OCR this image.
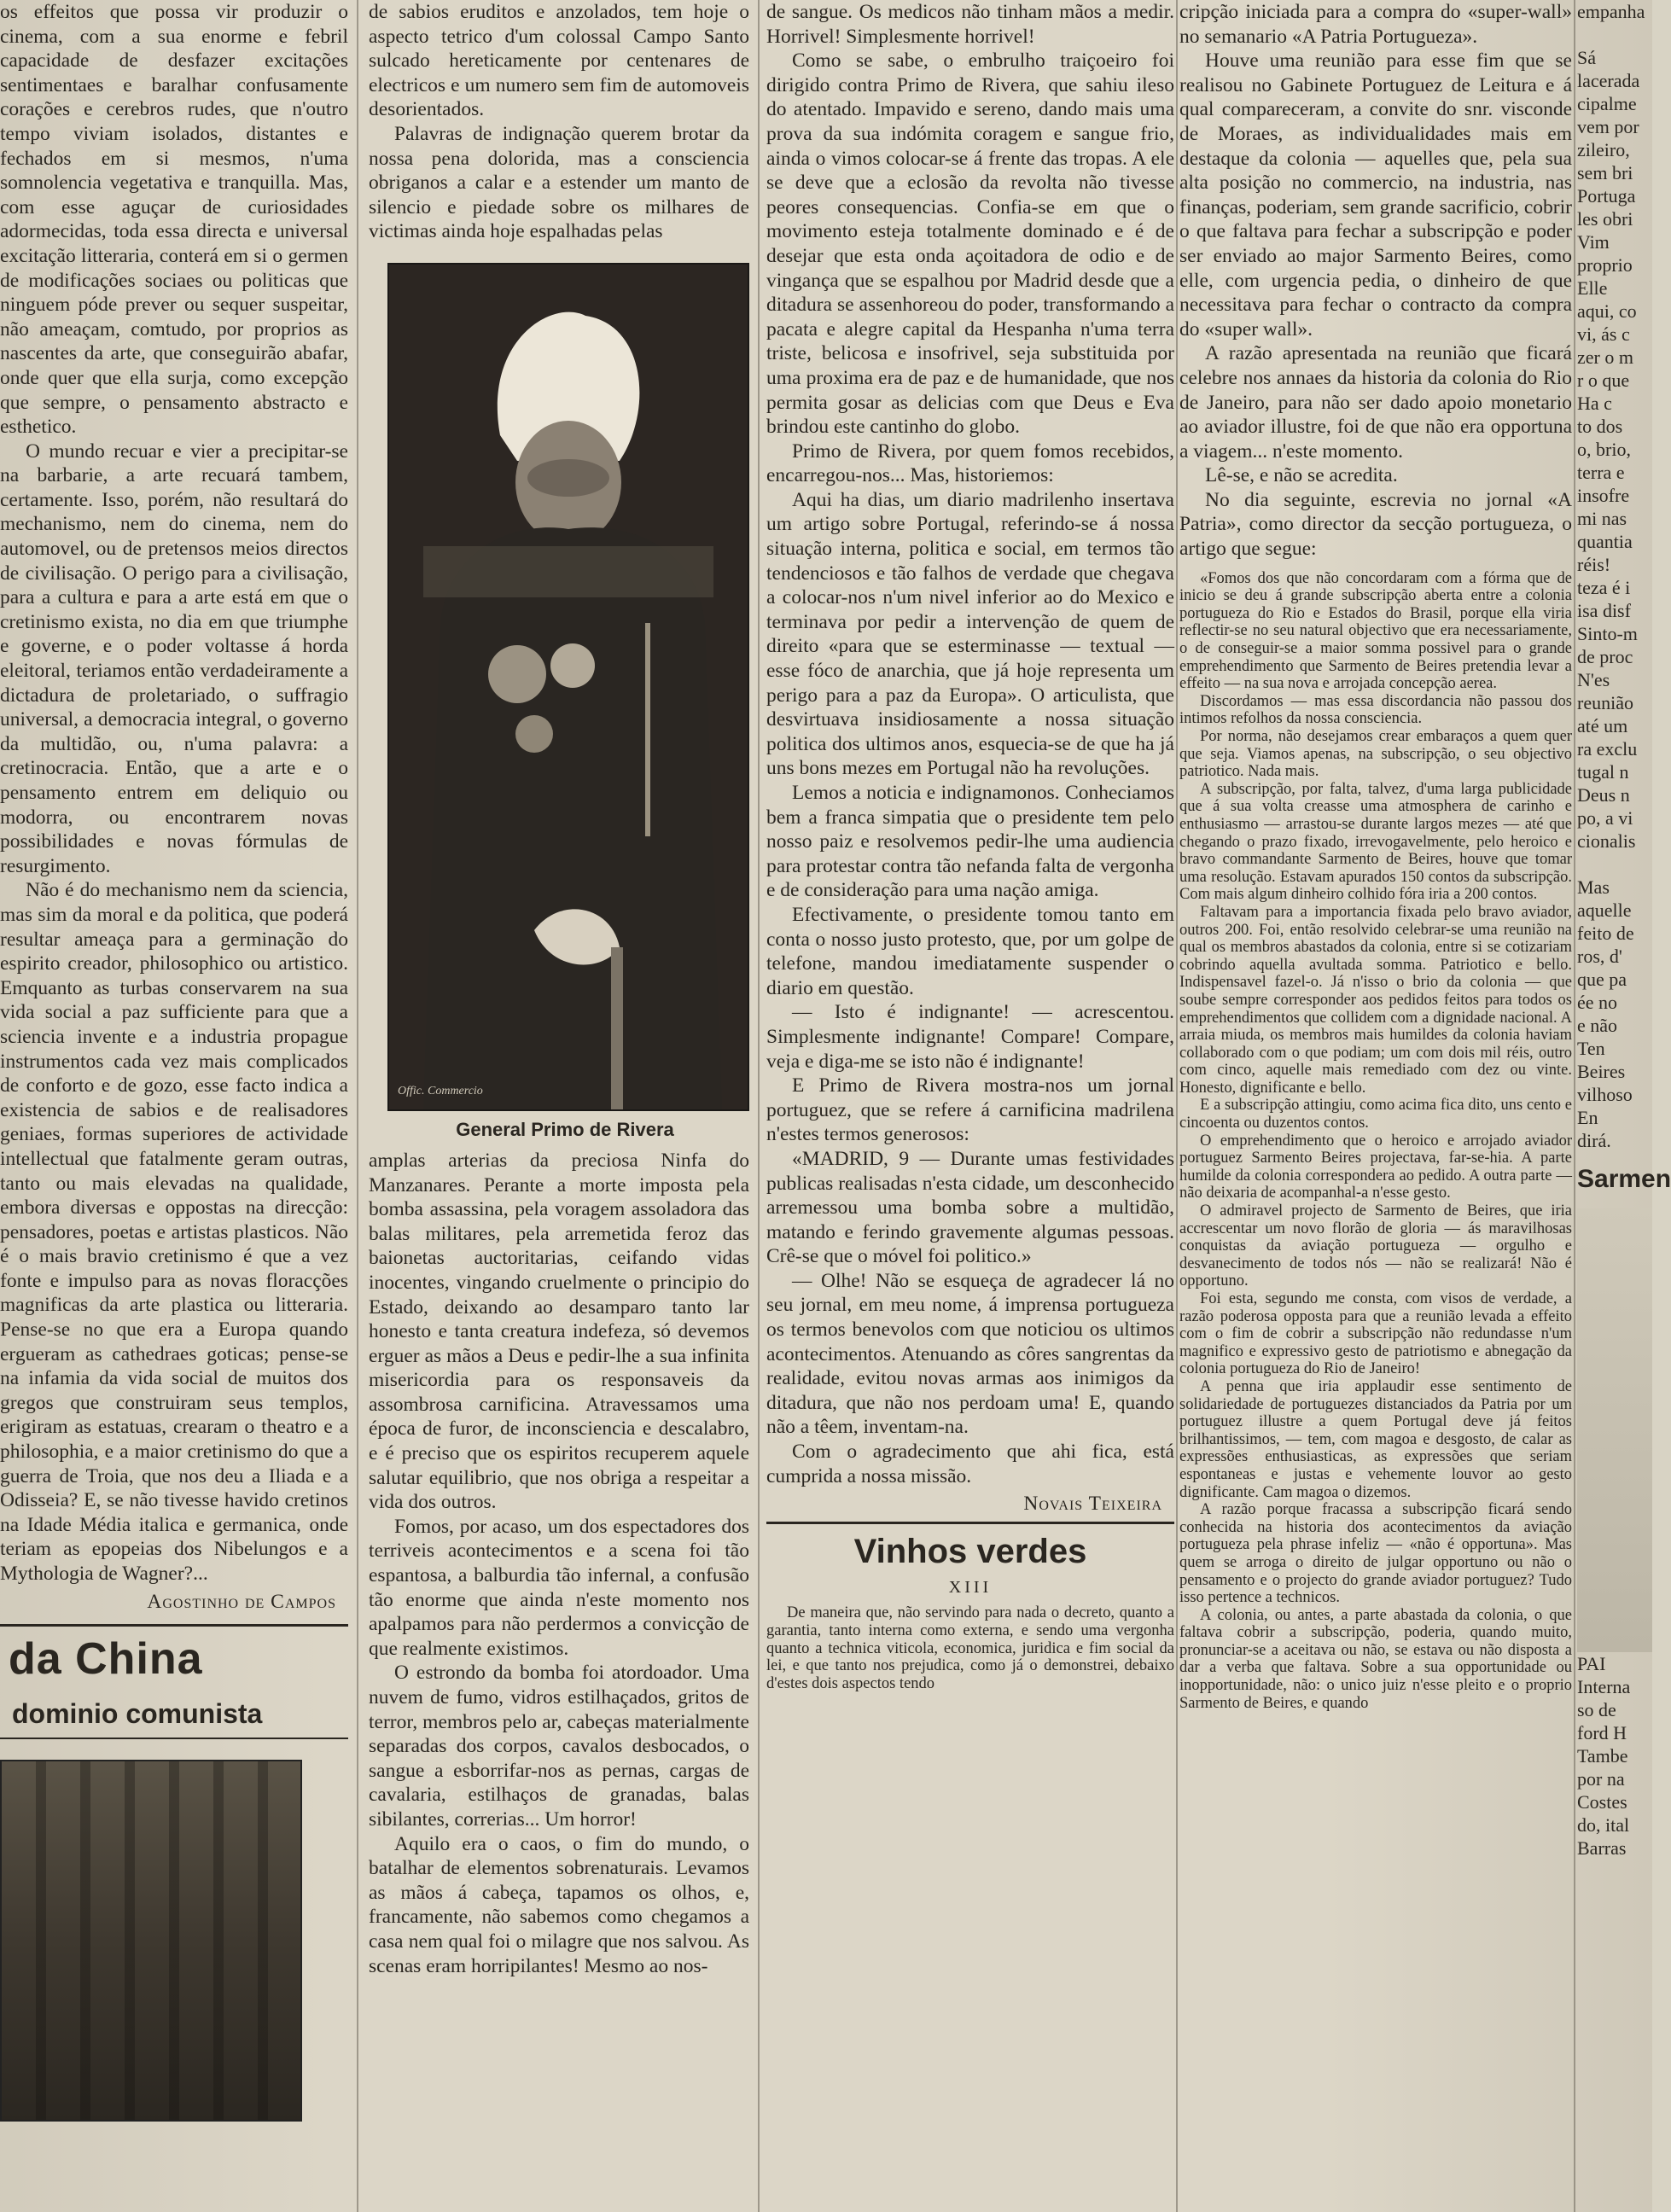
os effeitos que possa vir produzir o cinema, com a sua enorme e febril capacidade de desfazer excitações sentimentaes e baralhar confusamente corações e cerebros rudes, que n'outro tempo viviam isolados, distantes e fechados em si mesmos, n'uma somnolencia vegetativa e tranquilla. Mas, com esse aguçar de curiosidades adormecidas, toda essa directa e universal excitação litteraria, conterá em si o germen de modificações sociaes ou politicas que ninguem póde prever ou sequer suspeitar, não ameaçam, comtudo, por proprios as nascentes da arte, que conseguirão abafar, onde quer que ella surja, como excepção que sempre, o pensamento abstracto e esthetico.

O mundo recuar e vier a precipitar-se na barbarie, a arte recuará tambem, certamente. Isso, porém, não resultará do mechanismo, nem do cinema, nem do automovel, ou de pretensos meios directos de civilisação. O perigo para a civilisação, para a cultura e para a arte está em que o cretinismo exista, no dia em que triumphe e governe, e o poder voltasse á horda eleitoral, teriamos então verdadeiramente a dictadura de proletariado, o suffragio universal, a democracia integral, o governo da multidão, ou, n'uma palavra: a cretinocracia. Então, que a arte e o pensamento entrem em deliquio ou modorra, ou encontrarem novas possibilidades e novas fórmulas de resurgimento.

Não é do mechanismo nem da sciencia, mas sim da moral e da politica, que poderá resultar ameaça para a germinação do espirito creador, philosophico ou artistico. Emquanto as turbas conservarem na sua vida social a paz sufficiente para que a sciencia invente e a industria propague instrumentos cada vez mais complicados de conforto e de gozo, esse facto indica a existencia de sabios e de realisadores geniaes, formas superiores de actividade intellectual que fatalmente geram outras, tanto ou mais elevadas na qualidade, embora diversas e oppostas na direcção: pensadores, poetas e artistas plasticos. Não é o mais bravio cretinismo é que a vez fonte e impulso para as novas floracções magnificas da arte plastica ou litteraria. Pense-se no que era a Europa quando ergueram as cathedraes goticas; pense-se na infamia da vida social de muitos dos gregos que construiram seus templos, erigiram as estatuas, crearam o theatro e a philosophia, e a maior cretinismo do que a guerra de Troia, que nos deu a Iliada e a Odisseia? E, se não tivesse havido cretinos na Idade Média italica e germanica, onde teriam as epopeias dos Nibelungos e a Mythologia de Wagner?...

Agostinho de Campos
da China
dominio comunista

de sabios eruditos e anzolados, tem hoje o aspecto tetrico d'um colossal Campo Santo sulcado hereticamente por centenares de electricos e um numero sem fim de automoveis desorientados.

Palavras de indignação querem brotar da nossa pena dolorida, mas a consciencia obriganos a calar e a estender um manto de silencio e piedade sobre os milhares de victimas ainda hoje espalhadas pelas

Offic. Commercio
General Primo de Rivera

amplas arterias da preciosa Ninfa do Manzanares. Perante a morte imposta pela bomba assassina, pela voragem assoladora das balas militares, pela arremetida feroz das baionetas auctoritarias, ceifando vidas inocentes, vingando cruelmente o principio do Estado, deixando ao desamparo tanto lar honesto e tanta creatura indefeza, só devemos erguer as mãos a Deus e pedir-lhe a sua infinita misericordia para os responsaveis da assombrosa carnificina. Atravessamos uma época de furor, de inconsciencia e descalabro, e é preciso que os espiritos recuperem aquele salutar equilibrio, que nos obriga a respeitar a vida dos outros.

Fomos, por acaso, um dos espectadores dos terriveis acontecimentos e a scena foi tão espantosa, a balburdia tão infernal, a confusão tão enorme que ainda n'este momento nos apalpamos para não perdermos a convicção de que realmente existimos.

O estrondo da bomba foi atordoador. Uma nuvem de fumo, vidros estilhaçados, gritos de terror, membros pelo ar, cabeças materialmente separadas dos corpos, cavalos desbocados, o sangue a esborrifar-nos as pernas, cargas de cavalaria, estilhaços de granadas, balas sibilantes, correrias... Um horror!

Aquilo era o caos, o fim do mundo, o batalhar de elementos sobrenaturais. Levamos as mãos á cabeça, tapamos os olhos, e, francamente, não sabemos como chegamos a casa nem qual foi o milagre que nos salvou. As scenas eram horripilantes! Mesmo ao nos-

de sangue. Os medicos não tinham mãos a medir. Horrivel! Simplesmente horrivel!

Como se sabe, o embrulho traiçoeiro foi dirigido contra Primo de Rivera, que sahiu ileso do atentado. Impavido e sereno, dando mais uma prova da sua indómita coragem e sangue frio, ainda o vimos colocar-se á frente das tropas. A ele se deve que a eclosão da revolta não tivesse peores consequencias. Confia-se em que o movimento esteja totalmente dominado e é de desejar que esta onda açoitadora de odio e de vingança que se espalhou por Madrid desde que a ditadura se assenhoreou do poder, transformando a pacata e alegre capital da Hespanha n'uma terra triste, belicosa e insofrivel, seja substituida por uma proxima era de paz e de humanidade, que nos permita gosar as delicias com que Deus e Eva brindou este cantinho do globo.

Primo de Rivera, por quem fomos recebidos, encarregou-nos... Mas, historiemos:

Aqui ha dias, um diario madrilenho insertava um artigo sobre Portugal, referindo-se á nossa situação interna, politica e social, em termos tão tendenciosos e tão falhos de verdade que chegava a colocar-nos n'um nivel inferior ao do Mexico e terminava por pedir a intervenção de quem de direito «para que se esterminasse — textual — esse fóco de anarchia, que já hoje representa um perigo para a paz da Europa». O articulista, que desvirtuava insidiosamente a nossa situação politica dos ultimos anos, esquecia-se de que ha já uns bons mezes em Portugal não ha revoluções.

Lemos a noticia e indignamonos. Conheciamos bem a franca simpatia que o presidente tem pelo nosso paiz e resolvemos pedir-lhe uma audiencia para protestar contra tão nefanda falta de vergonha e de consideração para uma nação amiga.

Efectivamente, o presidente tomou tanto em conta o nosso justo protesto, que, por um golpe de telefone, mandou imediatamente suspender o diario em questão.

— Isto é indignante! — acrescentou. Simplesmente indignante! Compare! Compare, veja e diga-me se isto não é indignante!

E Primo de Rivera mostra-nos um jornal portuguez, que se refere á carnificina madrilena n'estes termos generosos:

«MADRID, 9 — Durante umas festividades publicas realisadas n'esta cidade, um desconhecido arremessou uma bomba sobre a multidão, matando e ferindo gravemente algumas pessoas. Crê-se que o móvel foi politico.»

— Olhe! Não se esqueça de agradecer lá no seu jornal, em meu nome, á imprensa portugueza os termos benevolos com que noticiou os ultimos acontecimentos. Atenuando as côres sangrentas da realidade, evitou novas armas aos inimigos da ditadura, que não nos perdoam uma! E, quando não a têem, inventam-na.

Com o agradecimento que ahi fica, está cumprida a nossa missão.

Novais Teixeira
Vinhos verdes
XIII

De maneira que, não servindo para nada o decreto, quanto a garantia, tanto interna como externa, e sendo uma vergonha quanto a technica viticola, economica, juridica e fim social da lei, e que tanto nos prejudica, como já o demonstrei, debaixo d'estes dois aspectos tendo

cripção iniciada para a compra do «super-wall» no semanario «A Patria Portugueza».

Houve uma reunião para esse fim que se realisou no Gabinete Portuguez de Leitura e á qual compareceram, a convite do snr. visconde de Moraes, as individualidades mais em destaque da colonia — aquelles que, pela sua alta posição no commercio, na industria, nas finanças, poderiam, sem grande sacrificio, cobrir o que faltava para fechar a subscripção e poder ser enviado ao major Sarmento Beires, como elle, com urgencia pedia, o dinheiro de que necessitava para fechar o contracto da compra do «super wall».

A razão apresentada na reunião que ficará celebre nos annaes da historia da colonia do Rio de Janeiro, para não ser dado apoio monetario ao aviador illustre, foi de que não era opportuna a viagem... n'este momento.

Lê-se, e não se acredita.

No dia seguinte, escrevia no jornal «A Patria», como director da secção portugueza, o artigo que segue:

«Fomos dos que não concordaram com a fórma que de inicio se deu á grande subscripção aberta entre a colonia portugueza do Rio e Estados do Brasil, porque ella viria reflectir-se no seu natural objectivo que era necessariamente, o de conseguir-se a maior somma possivel para o grande emprehendimento que Sarmento de Beires pretendia levar a effeito — na sua nova e arrojada concepção aerea.

Discordamos — mas essa discordancia não passou dos intimos refolhos da nossa consciencia.

Por norma, não desejamos crear embaraços a quem quer que seja. Viamos apenas, na subscripção, o seu objectivo patriotico. Nada mais.

A subscripção, por falta, talvez, d'uma larga publicidade que á sua volta creasse uma atmosphera de carinho e enthusiasmo — arrastou-se durante largos mezes — até que chegando o prazo fixado, irrevogavelmente, pelo heroico e bravo commandante Sarmento de Beires, houve que tomar uma resolução. Estavam apurados 150 contos da subscripção. Com mais algum dinheiro colhido fóra iria a 200 contos.

Faltavam para a importancia fixada pelo bravo aviador, outros 200. Foi, então resolvido celebrar-se uma reunião na qual os membros abastados da colonia, entre si se cotizariam cobrindo aquella avultada somma. Patriotico e bello. Indispensavel fazel-o. Já n'isso o brio da colonia — que soube sempre corresponder aos pedidos feitos para todos os emprehendimentos que collidem com a dignidade nacional. A arraia miuda, os membros mais humildes da colonia haviam collaborado com o que podiam; um com dois mil réis, outro com cinco, aquelle mais remediado com dez ou vinte. Honesto, dignificante e bello.

E a subscripção attingiu, como acima fica dito, uns cento e cincoenta ou duzentos contos.

O emprehendimento que o heroico e arrojado aviador portuguez Sarmento Beires projectava, far-se-hia. A parte humilde da colonia correspondera ao pedido. A outra parte — não deixaria de acompanhal-a n'esse gesto.

O admiravel projecto de Sarmento de Beires, que iria accrescentar um novo florão de gloria — ás maravilhosas conquistas da aviação portugueza — orgulho e desvanecimento de todos nós — não se realizará! Não é opportuno.

Foi esta, segundo me consta, com visos de verdade, a razão poderosa opposta para que a reunião levada a effeito com o fim de cobrir a subscripção não redundasse n'um magnifico e expressivo gesto de patriotismo e abnegação da colonia portugueza do Rio de Janeiro!

A penna que iria applaudir esse sentimento de solidariedade de portuguezes distanciados da Patria por um portuguez illustre a quem Portugal deve já feitos brilhantissimos, — tem, com magoa e desgosto, de calar as expressões enthusiasticas, as expressões que seriam espontaneas e justas e vehemente louvor ao gesto dignificante. Cam magoa o dizemos.

A razão porque fracassa a subscripção ficará sendo conhecida na historia dos acontecimentos da aviação portugueza pela phrase infeliz — «não é opportuna». Mas quem se arroga o direito de julgar opportuno ou não o pensamento e o projecto do grande aviador portuguez? Tudo isso pertence a technicos.

A colonia, ou antes, a parte abastada da colonia, o que faltava cobrir a subscripção, poderia, quando muito, pronunciar-se a aceitava ou não, se estava ou não disposta a dar a verba que faltava. Sobre a sua opportunidade ou inopportunidade, não: o unico juiz n'esse pleito e o proprio Sarmento de Beires, e quando

empanha

Sá
lacerada
cipalme
vem por
zileiro,
sem bri
Portuga
les obri
Vim
proprio
Elle
aqui, co
vi, ás c
zer o m
r o que
Ha c
to dos
o, brio,
terra e
insofre
mi nas
quantia
réis!
teza é i
isa disf
Sinto-m
de proc
N'es
reunião
até um
ra exclu
tugal n
Deus n
po, a vi
cionalis

Mas
aquelle
feito de
ros, d'
que pa
ée no
e não
Ten
Beires
vilhoso
En
dirá.
Sarmen
PAI
Interna
so de
ford H
Tambe
por na
Costes
do, ital
Barras
